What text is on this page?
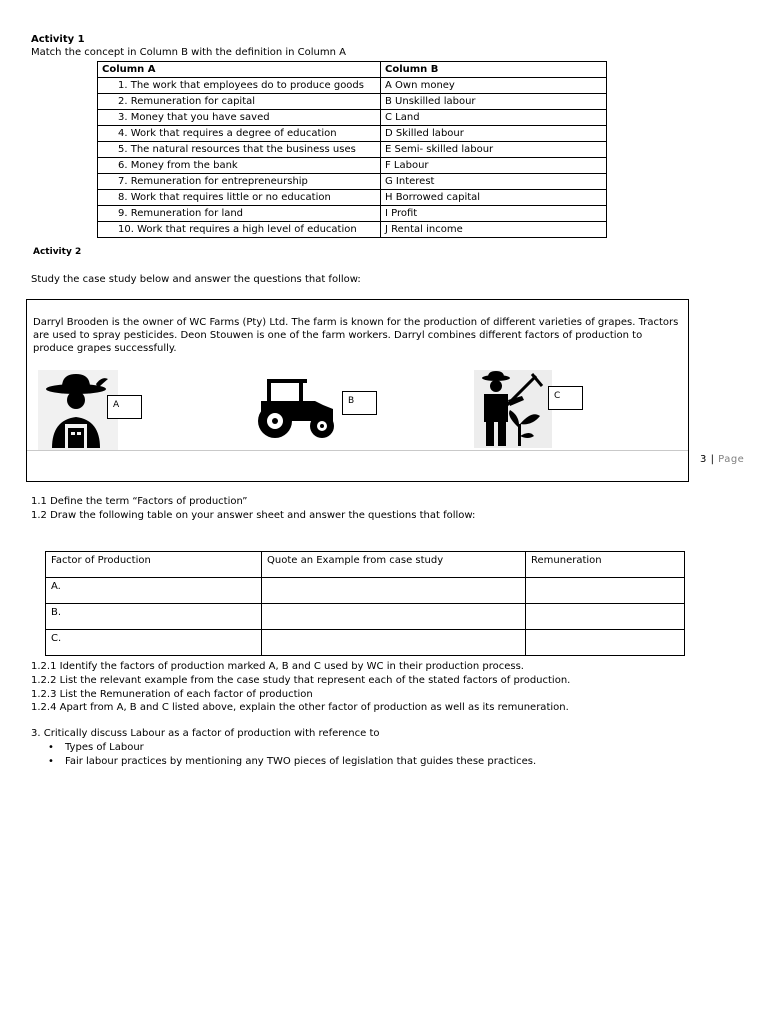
Activity 1
Match the concept in Column B with the definition in Column A
Column A	Column B
1. The work that employees do to produce goods	A Own money
2. Remuneration for capital	B Unskilled labour
3. Money that you have saved	C Land
4. Work that requires a degree of education	D Skilled labour
5. The natural resources that the business uses	E Semi- skilled labour
6. Money from the bank	F Labour
7. Remuneration for entrepreneurship	G Interest
8. Work that requires little or no education	H Borrowed capital
9. Remuneration for land	I Profit
10. Work that requires a high level of education	J Rental income
Activity 2
Study the case study below and answer the questions that follow:
Darryl Brooden is the owner of WC Farms (Pty) Ltd. The farm is known for the production of different varieties of grapes. Tractors are used to spray pesticides. Deon Stouwen is one of the farm workers. Darryl combines different factors of production to produce grapes successfully.
A	B	C
3 | Page
1.1 Define the term “Factors of production”
1.2 Draw the following table on your answer sheet and answer the questions that follow:
Factor of Production	Quote an Example from case study	Remuneration
A.		
B.		
C.		
1.2.1 Identify the factors of production marked A, B and C used by WC in their production process.
1.2.2 List the relevant example from the case study that represent each of the stated factors of production.
1.2.3 List the Remuneration of each factor of production
1.2.4 Apart from A, B and C listed above, explain the other factor of production as well as its remuneration.
3. Critically discuss Labour as a factor of production with reference to
• Types of Labour
• Fair labour practices by mentioning any TWO pieces of legislation that guides these practices.
